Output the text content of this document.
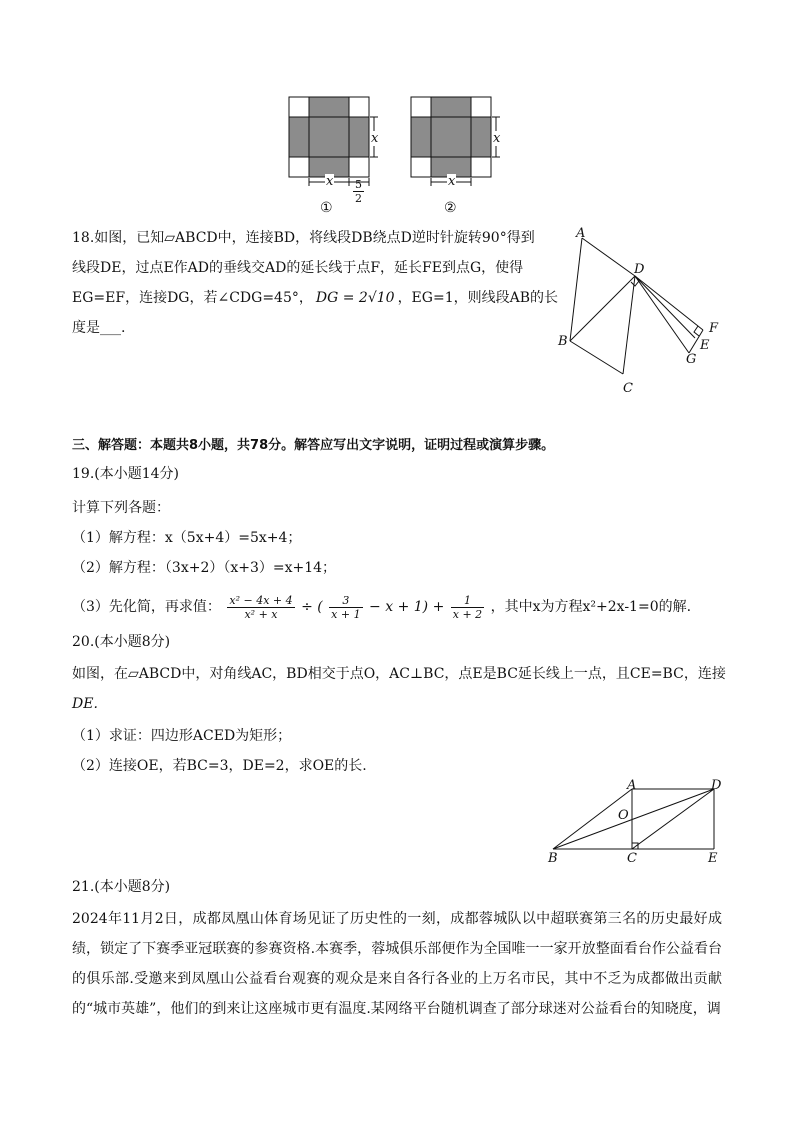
x
x
x
x
$\frac{5}{2}$
①	②
18.如图，已知▱ABCD中，连接BD，将线段DB绕点D逆时针旋转90°得到
线段DE，过点E作AD的垂线交AD的延长线于点F，延长FE到点G，使得
EG=EF，连接DG，若∠CDG=45°， DG = 2√10 ，EG=1，则线段AB的长
度是___.
A
D
B
C
F
E
G
三、解答题：本题共8小题，共78分。解答应写出文字说明，证明过程或演算步骤。
19.(本小题14分)
计算下列各题：
（1）解方程：x（5x+4）=5x+4；
（2）解方程：（3x+2）（x+3）=x+14；
（3）先化简，再求值： $\frac{\text{x² − 4x + 4}}{\text{x² + x}}$ ÷ ( $\frac{3}{x + 1} - x + 1) + \frac{1}{x + 2}$ ，其中x为方程x²+2x-1=0的解.
20.(本小题8分)
如图，在▱ABCD中，对角线AC，BD相交于点O，AC⊥BC，点E是BC延长线上一点，且CE=BC，连接
DE.
（1）求证：四边形ACED为矩形；
（2）连接OE，若BC=3，DE=2，求OE的长.
A	D
O
B	C	E
21.(本小题8分)
2024年11月2日，成都凤凰山体育场见证了历史性的一刻，成都蓉城队以中超联赛第三名的历史最好成绩，锁定了下赛季亚冠联赛的参赛资格.本赛季，蓉城俱乐部便作为全国唯一一家开放整面看台作公益看台的俱乐部.受邀来到凤凰山公益看台观赛的观众是来自各行各业的上万名市民，其中不乏为成都做出贡献的“城市英雄”，他们的到来让这座城市更有温度.某网络平台随机调查了部分球迷对公益看台的知晓度，调
